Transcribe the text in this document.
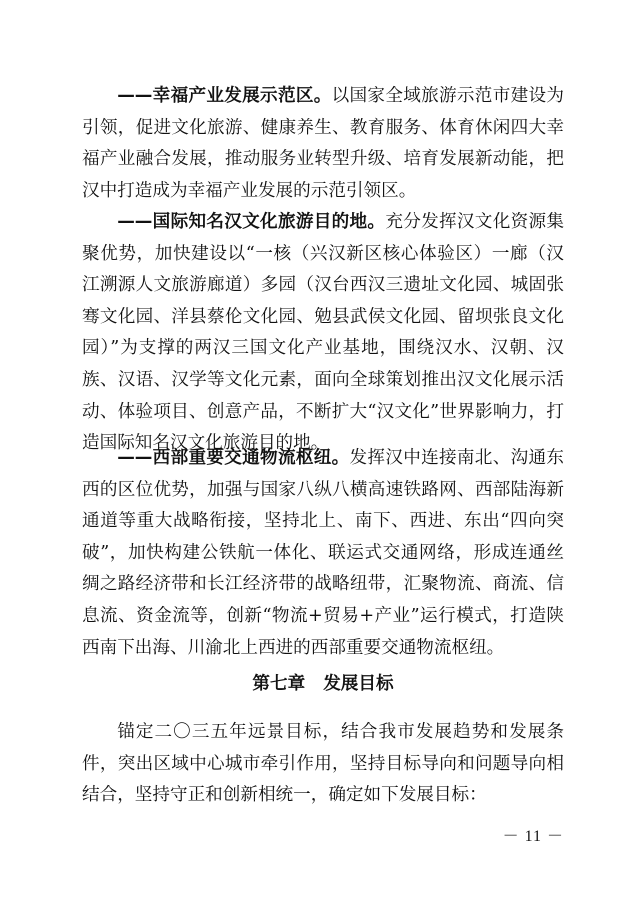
——幸福产业发展示范区。以国家全域旅游示范市建设为引领，促进文化旅游、健康养生、教育服务、体育休闲四大幸福产业融合发展，推动服务业转型升级、培育发展新动能，把汉中打造成为幸福产业发展的示范引领区。

——国际知名汉文化旅游目的地。充分发挥汉文化资源集聚优势，加快建设以“一核（兴汉新区核心体验区）一廊（汉江溯源人文旅游廊道）多园（汉台西汉三遗址文化园、城固张骞文化园、洋县蔡伦文化园、勉县武侯文化园、留坝张良文化园）”为支撑的两汉三国文化产业基地，围绕汉水、汉朝、汉族、汉语、汉学等文化元素，面向全球策划推出汉文化展示活动、体验项目、创意产品，不断扩大“汉文化”世界影响力，打造国际知名汉文化旅游目的地。

——西部重要交通物流枢纽。发挥汉中连接南北、沟通东西的区位优势，加强与国家八纵八横高速铁路网、西部陆海新通道等重大战略衔接，坚持北上、南下、西进、东出“四向突破”，加快构建公铁航一体化、联运式交通网络，形成连通丝绸之路经济带和长江经济带的战略纽带，汇聚物流、商流、信息流、资金流等，创新“物流+贸易+产业”运行模式，打造陕西南下出海、川渝北上西进的西部重要交通物流枢纽。

第七章 发展目标

锚定二〇三五年远景目标，结合我市发展趋势和发展条件，突出区域中心城市牵引作用，坚持目标导向和问题导向相结合，坚持守正和创新相统一，确定如下发展目标：

－ 11 －
